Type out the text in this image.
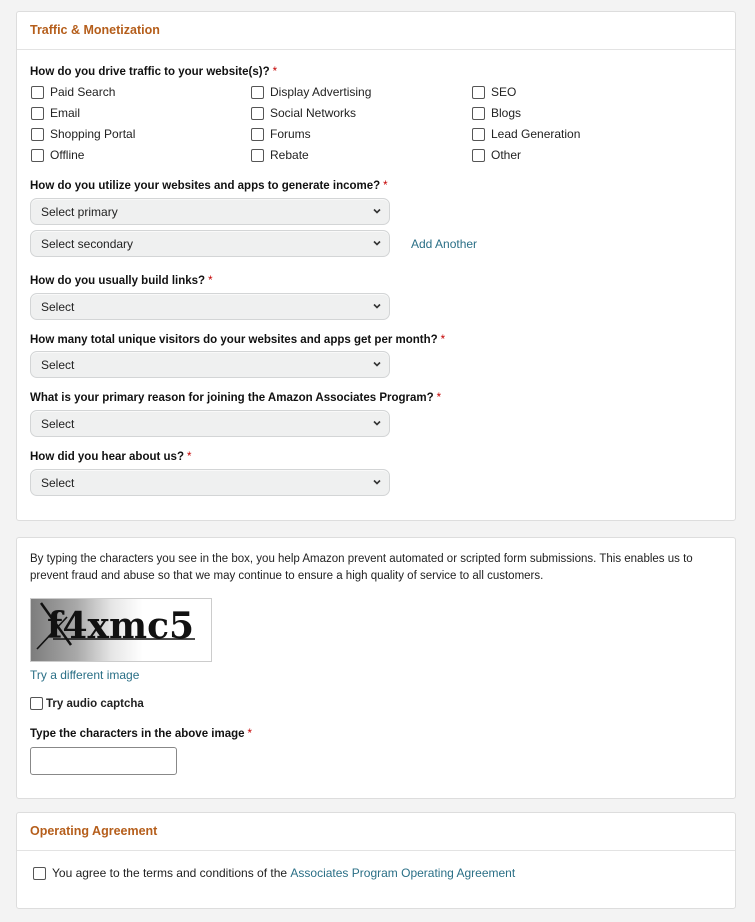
Traffic & Monetization
How do you drive traffic to your website(s)? *
Paid Search	Display Advertising	SEO
Email	Social Networks	Blogs
Shopping Portal	Forums	Lead Generation
Offline	Rebate	Other
How do you utilize your websites and apps to generate income? *
Select primary
Select secondary	Add Another
How do you usually build links? *
Select
How many total unique visitors do your websites and apps get per month? *
Select
What is your primary reason for joining the Amazon Associates Program? *
Select
How did you hear about us? *
Select
By typing the characters you see in the box, you help Amazon prevent automated or scripted form submissions. This enables us to prevent fraud and abuse so that we may continue to ensure a high quality of service to all customers.
f4xmc5
Try a different image
Try audio captcha
Type the characters in the above image *
Operating Agreement
You agree to the terms and conditions of the
Associates Program Operating Agreement
